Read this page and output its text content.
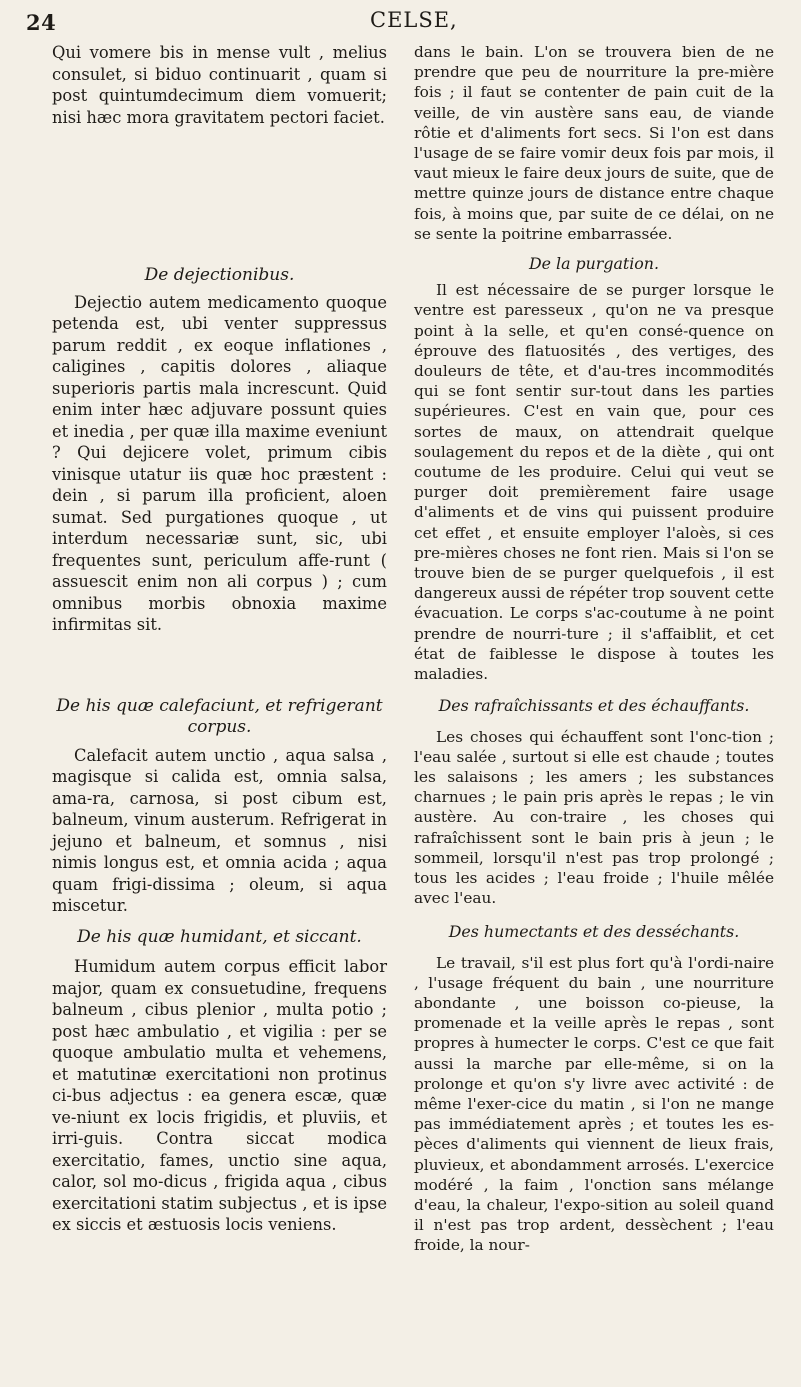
24	CELSE,

Qui vomere bis in mense vult , melius consulet, si biduo continuarit , quam si post quintumdecimum diem vomuerit; nisi hæc mora gravitatem pectori faciet.

De dejectionibus.

Dejectio autem medicamento quoque petenda est, ubi venter suppressus parum reddit , ex eoque inflationes , caligines , capitis dolores , aliaque superioris partis mala increscunt. Quid enim inter hæc adjuvare possunt quies et inedia , per quæ illa maxime eveniunt ? Qui dejicere volet, primum cibis vinisque utatur iis quæ hoc præstent : dein , si parum illa proficient, aloen sumat. Sed purgationes quoque , ut interdum necessariæ sunt, sic, ubi frequentes sunt, periculum affe-runt ( assuescit enim non ali corpus ) ; cum omnibus morbis obnoxia maxime infirmitas sit.

De his quæ calefaciunt, et refrigerant corpus.

Calefacit autem unctio , aqua salsa , magisque si calida est, omnia salsa, ama-ra, carnosa, si post cibum est, balneum, vinum austerum. Refrigerat in jejuno et balneum, et somnus , nisi nimis longus est, et omnia acida ; aqua quam frigi-dissima ; oleum, si aqua miscetur.

De his quæ humidant, et siccant.

Humidum autem corpus efficit labor major, quam ex consuetudine, frequens balneum , cibus plenior , multa potio ; post hæc ambulatio , et vigilia : per se quoque ambulatio multa et vehemens, et matutinæ exercitationi non protinus ci-bus adjectus : ea genera escæ, quæ ve-niunt ex locis frigidis, et pluviis, et irri-guis. Contra siccat modica exercitatio, fames, unctio sine aqua, calor, sol mo-dicus , frigida aqua , cibus exercitationi statim subjectus , et is ipse ex siccis et æstuosis locis veniens.

dans le bain. L'on se trouvera bien de ne prendre que peu de nourriture la pre-mière fois ; il faut se contenter de pain cuit de la veille, de vin austère sans eau, de viande rôtie et d'aliments fort secs. Si l'on est dans l'usage de se faire vomir deux fois par mois, il vaut mieux le faire deux jours de suite, que de mettre quinze jours de distance entre chaque fois, à moins que, par suite de ce délai, on ne se sente la poitrine embarrassée.

De la purgation.

Il est nécessaire de se purger lorsque le ventre est paresseux , qu'on ne va presque point à la selle, et qu'en consé-quence on éprouve des flatuosités , des vertiges, des douleurs de tête, et d'au-tres incommodités qui se font sentir sur-tout dans les parties supérieures. C'est en vain que, pour ces sortes de maux, on attendrait quelque soulagement du repos et de la diète , qui ont coutume de les produire. Celui qui veut se purger doit premièrement faire usage d'aliments et de vins qui puissent produire cet effet , et ensuite employer l'aloès, si ces pre-mières choses ne font rien. Mais si l'on se trouve bien de se purger quelquefois , il est dangereux aussi de répéter trop souvent cette évacuation. Le corps s'ac-coutume à ne point prendre de nourri-ture ; il s'affaiblit, et cet état de faiblesse le dispose à toutes les maladies.

Des rafraîchissants et des échauffants.

Les choses qui échauffent sont l'onc-tion ; l'eau salée , surtout si elle est chaude ; toutes les salaisons ; les amers ; les substances charnues ; le pain pris après le repas ; le vin austère. Au con-traire , les choses qui rafraîchissent sont le bain pris à jeun ; le sommeil, lorsqu'il n'est pas trop prolongé ; tous les acides ; l'eau froide ; l'huile mêlée avec l'eau.

Des humectants et des desséchants.

Le travail, s'il est plus fort qu'à l'ordi-naire , l'usage fréquent du bain , une nourriture abondante , une boisson co-pieuse, la promenade et la veille après le repas , sont propres à humecter le corps. C'est ce que fait aussi la marche par elle-même, si on la prolonge et qu'on s'y livre avec activité : de même l'exer-cice du matin , si l'on ne mange pas immédiatement après ; et toutes les es-pèces d'aliments qui viennent de lieux frais, pluvieux, et abondamment arrosés. L'exercice modéré , la faim , l'onction sans mélange d'eau, la chaleur, l'expo-sition au soleil quand il n'est pas trop ardent, dessèchent ; l'eau froide, la nour-
